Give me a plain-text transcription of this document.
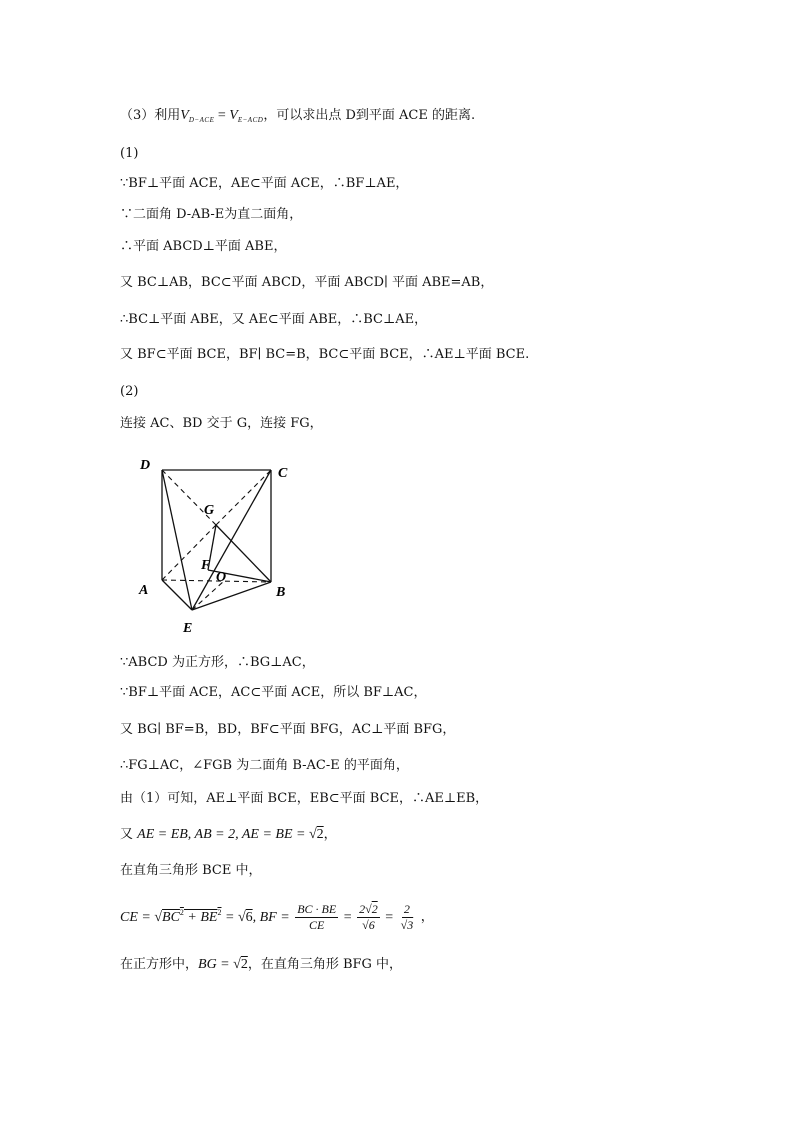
（3）利用$V_{D-ACE} = V_{E-ACD}$，可以求出点 D到平面 ACE 的距离.
(1)
∵BF⊥平面 ACE，AE⊂平面 ACE，∴BF⊥AE，
∵二面角 D-AB-E为直二面角，
∴平面 ABCD⊥平面 ABE，
又 BC⊥AB，BC⊂平面 ABCD，平面 ABCD∣ 平面 ABE=AB，
∴BC⊥平面 ABE，又 AE⊂平面 ABE，∴BC⊥AE，
又 BF⊂平面 BCE，BF∣ BC=B，BC⊂平面 BCE，∴AE⊥平面 BCE.
(2)
连接 AC、BD 交于 G，连接 FG，
D
C
G
F
O
A	B
E
∵ABCD 为正方形，∴BG⊥AC，
∵BF⊥平面 ACE，AC⊂平面 ACE，所以 BF⊥AC，
又 BG∣ BF=B，BD，BF⊂平面 BFG，AC⊥平面 BFG，
∴FG⊥AC，∠FGB 为二面角 B-AC-E 的平面角，
由（1）可知，AE⊥平面 BCE，EB⊂平面 BCE，∴AE⊥EB，
又 AE = EB, AB = 2, AE = BE = √2，
在直角三角形 BCE 中，
CE = $√BC^2 + BE^2 = √6$, BF = $\frac{BC \cdot BE}{CE} = \frac{2√2}{√6} = \frac{2}{√3}$ ，
在正方形中，BG = √2，在直角三角形 BFG 中，
